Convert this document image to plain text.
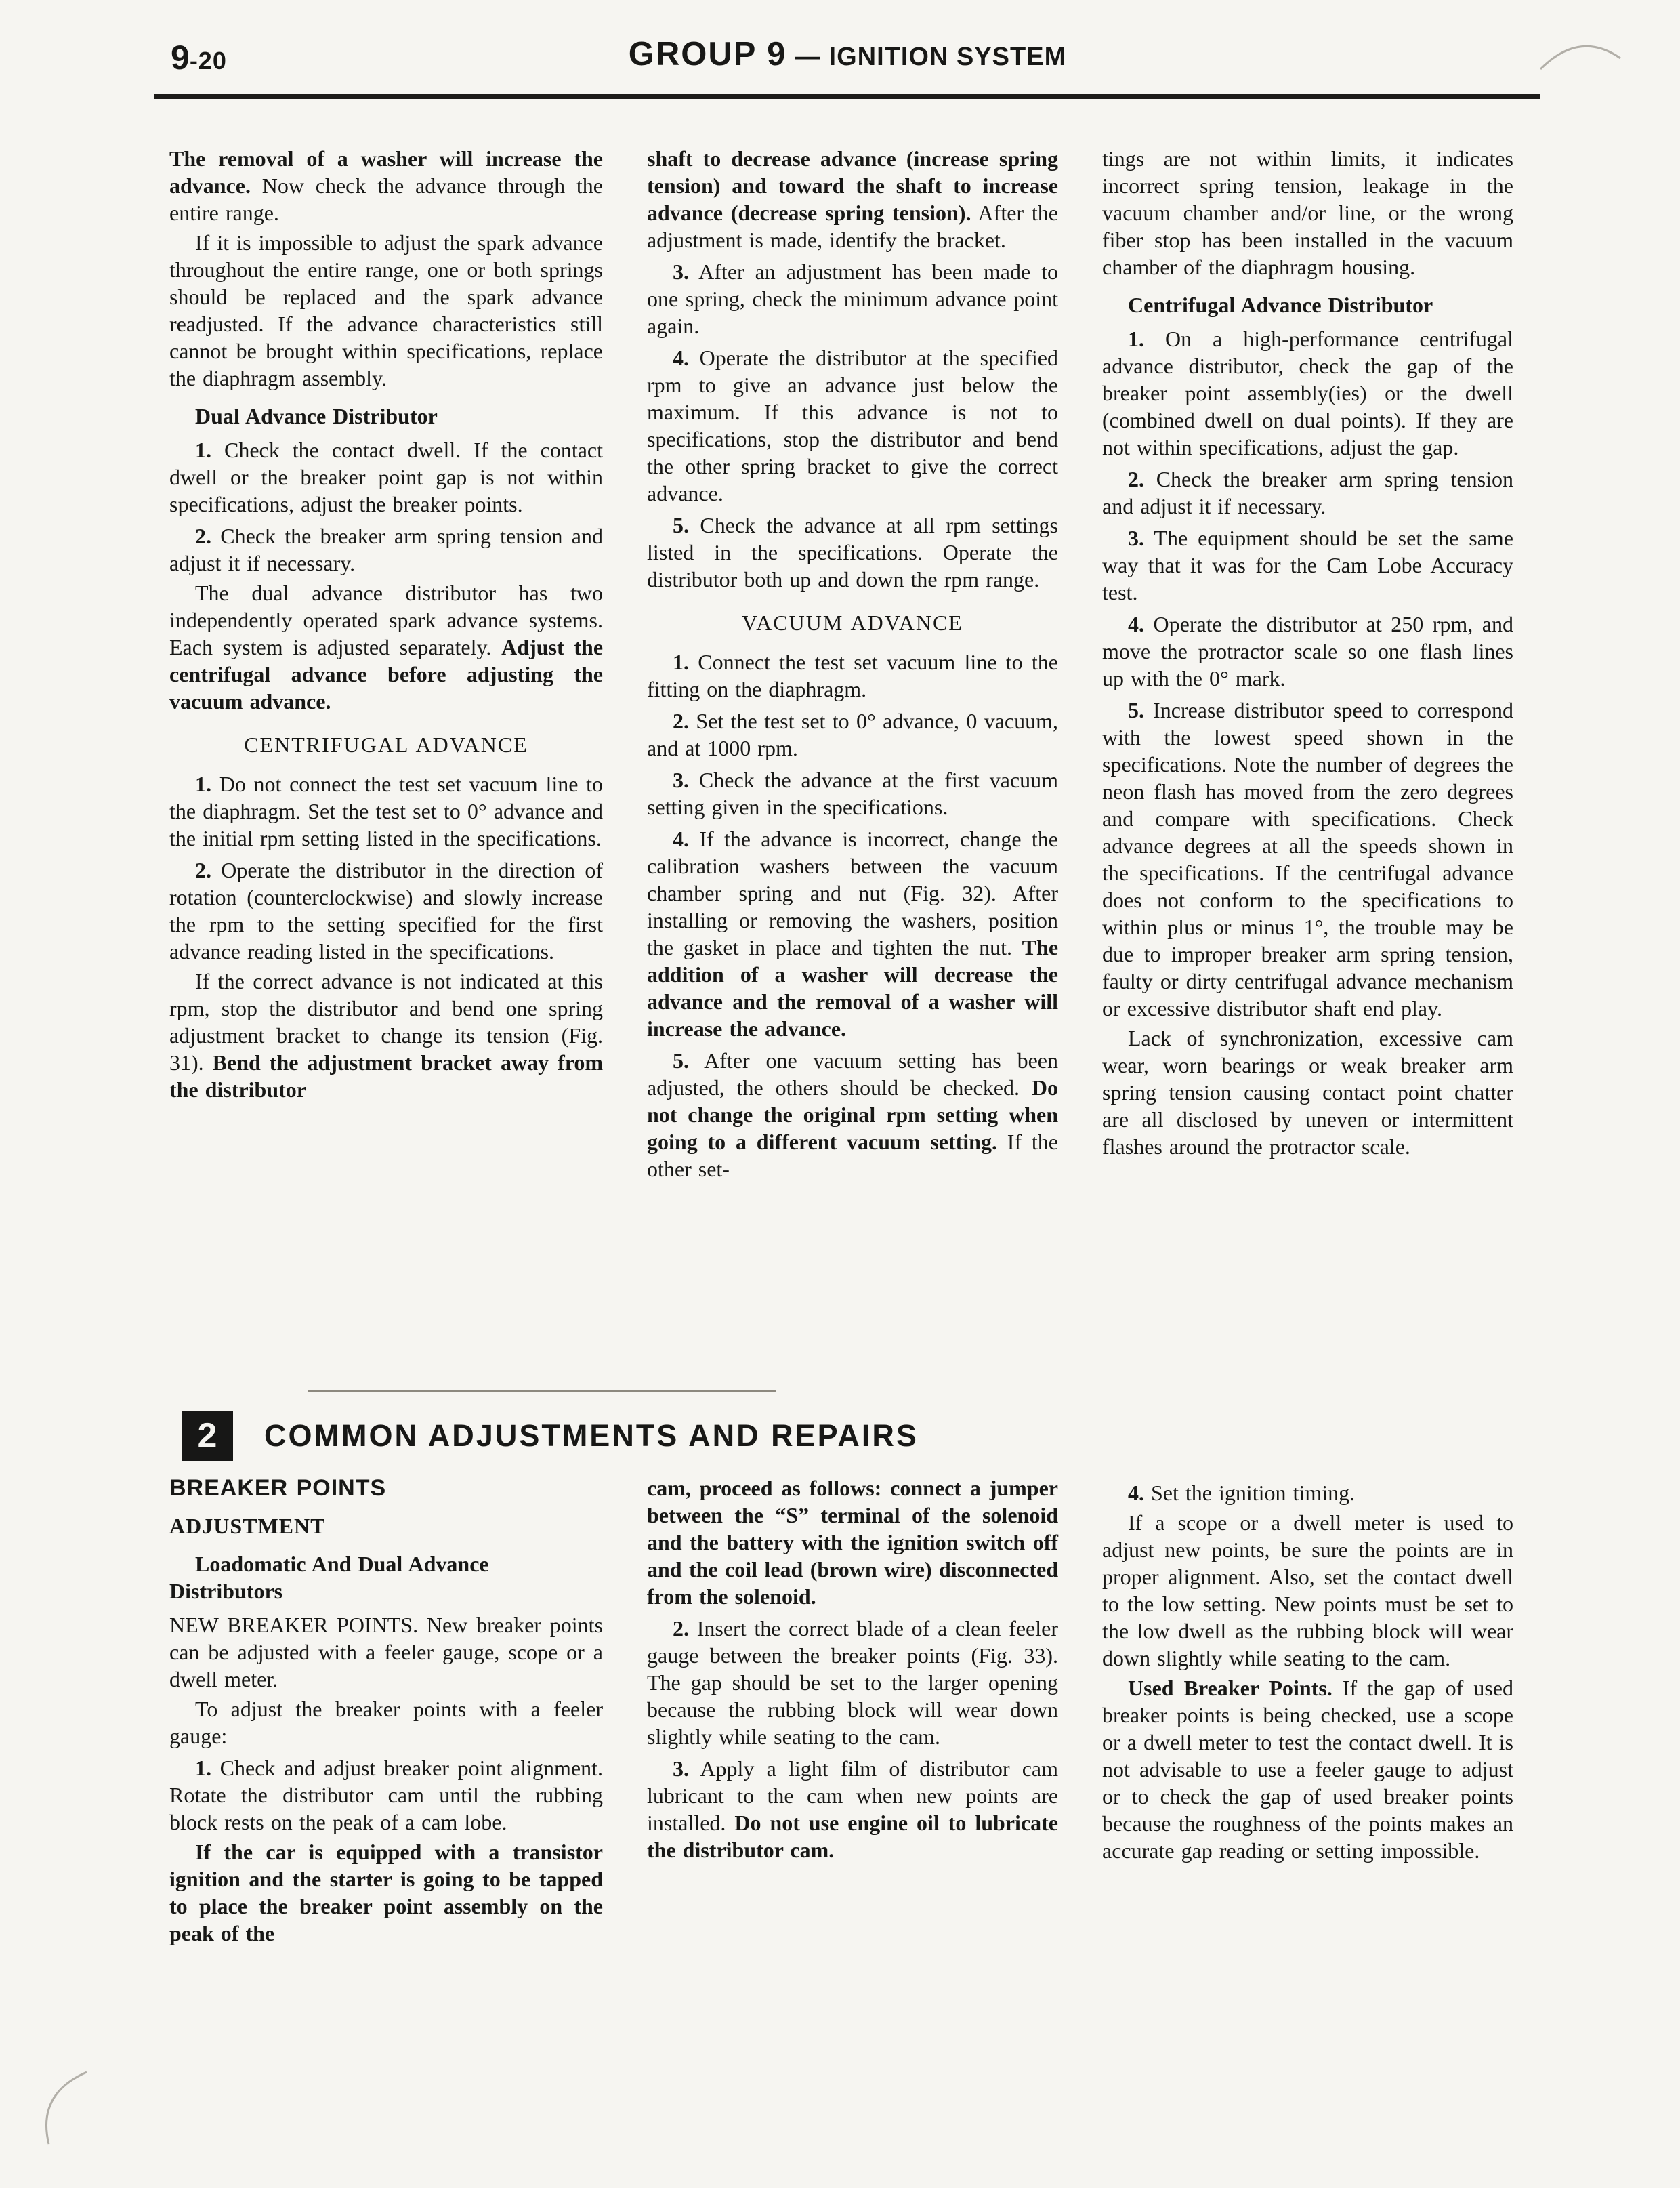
9-20	GROUP 9 — IGNITION SYSTEM

The removal of a washer will increase the advance. Now check the advance through the entire range.

If it is impossible to adjust the spark advance throughout the entire range, one or both springs should be replaced and the spark advance readjusted. If the advance characteristics still cannot be brought within specifications, replace the diaphragm assembly.

Dual Advance Distributor

1. Check the contact dwell. If the contact dwell or the breaker point gap is not within specifications, adjust the breaker points.

2. Check the breaker arm spring tension and adjust it if necessary.

The dual advance distributor has two independently operated spark advance systems. Each system is adjusted separately. Adjust the centrifugal advance before adjusting the vacuum advance.

CENTRIFUGAL ADVANCE

1. Do not connect the test set vacuum line to the diaphragm. Set the test set to 0° advance and the initial rpm setting listed in the specifications.

2. Operate the distributor in the direction of rotation (counterclockwise) and slowly increase the rpm to the setting specified for the first advance reading listed in the specifications.

If the correct advance is not indicated at this rpm, stop the distributor and bend one spring adjustment bracket to change its tension (Fig. 31). Bend the adjustment bracket away from the distributor

shaft to decrease advance (increase spring tension) and toward the shaft to increase advance (decrease spring tension). After the adjustment is made, identify the bracket.

3. After an adjustment has been made to one spring, check the minimum advance point again.

4. Operate the distributor at the specified rpm to give an advance just below the maximum. If this advance is not to specifications, stop the distributor and bend the other spring bracket to give the correct advance.

5. Check the advance at all rpm settings listed in the specifications. Operate the distributor both up and down the rpm range.

VACUUM ADVANCE

1. Connect the test set vacuum line to the fitting on the diaphragm.

2. Set the test set to 0° advance, 0 vacuum, and at 1000 rpm.

3. Check the advance at the first vacuum setting given in the specifications.

4. If the advance is incorrect, change the calibration washers between the vacuum chamber spring and nut (Fig. 32). After installing or removing the washers, position the gasket in place and tighten the nut. The addition of a washer will decrease the advance and the removal of a washer will increase the advance.

5. After one vacuum setting has been adjusted, the others should be checked. Do not change the original rpm setting when going to a different vacuum setting. If the other set-

tings are not within limits, it indicates incorrect spring tension, leakage in the vacuum chamber and/or line, or the wrong fiber stop has been installed in the vacuum chamber of the diaphragm housing.

Centrifugal Advance Distributor

1. On a high-performance centrifugal advance distributor, check the gap of the breaker point assembly(ies) or the dwell (combined dwell on dual points). If they are not within specifications, adjust the gap.

2. Check the breaker arm spring tension and adjust it if necessary.

3. The equipment should be set the same way that it was for the Cam Lobe Accuracy test.

4. Operate the distributor at 250 rpm, and move the protractor scale so one flash lines up with the 0° mark.

5. Increase distributor speed to correspond with the lowest speed shown in the specifications. Note the number of degrees the neon flash has moved from the zero degrees and compare with specifications. Check advance degrees at all the speeds shown in the specifications. If the centrifugal advance does not conform to the specifications to within plus or minus 1°, the trouble may be due to improper breaker arm spring tension, faulty or dirty centrifugal advance mechanism or excessive distributor shaft end play.

Lack of synchronization, excessive cam wear, worn bearings or weak breaker arm spring tension causing contact point chatter are all disclosed by uneven or intermittent flashes around the protractor scale.

2	COMMON ADJUSTMENTS AND REPAIRS
BREAKER POINTS
ADJUSTMENT
Loadomatic And Dual Advance Distributors

NEW BREAKER POINTS. New breaker points can be adjusted with a feeler gauge, scope or a dwell meter.

To adjust the breaker points with a feeler gauge:

1. Check and adjust breaker point alignment. Rotate the distributor cam until the rubbing block rests on the peak of a cam lobe.

If the car is equipped with a transistor ignition and the starter is going to be tapped to place the breaker point assembly on the peak of the

cam, proceed as follows: connect a jumper between the “S” terminal of the solenoid and the battery with the ignition switch off and the coil lead (brown wire) disconnected from the solenoid.

2. Insert the correct blade of a clean feeler gauge between the breaker points (Fig. 33). The gap should be set to the larger opening because the rubbing block will wear down slightly while seating to the cam.

3. Apply a light film of distributor cam lubricant to the cam when new points are installed. Do not use engine oil to lubricate the distributor cam.

4. Set the ignition timing.

If a scope or a dwell meter is used to adjust new points, be sure the points are in proper alignment. Also, set the contact dwell to the low setting. New points must be set to the low dwell as the rubbing block will wear down slightly while seating to the cam.

Used Breaker Points. If the gap of used breaker points is being checked, use a scope or a dwell meter to test the contact dwell. It is not advisable to use a feeler gauge to adjust or to check the gap of used breaker points because the roughness of the points makes an accurate gap reading or setting impossible.
